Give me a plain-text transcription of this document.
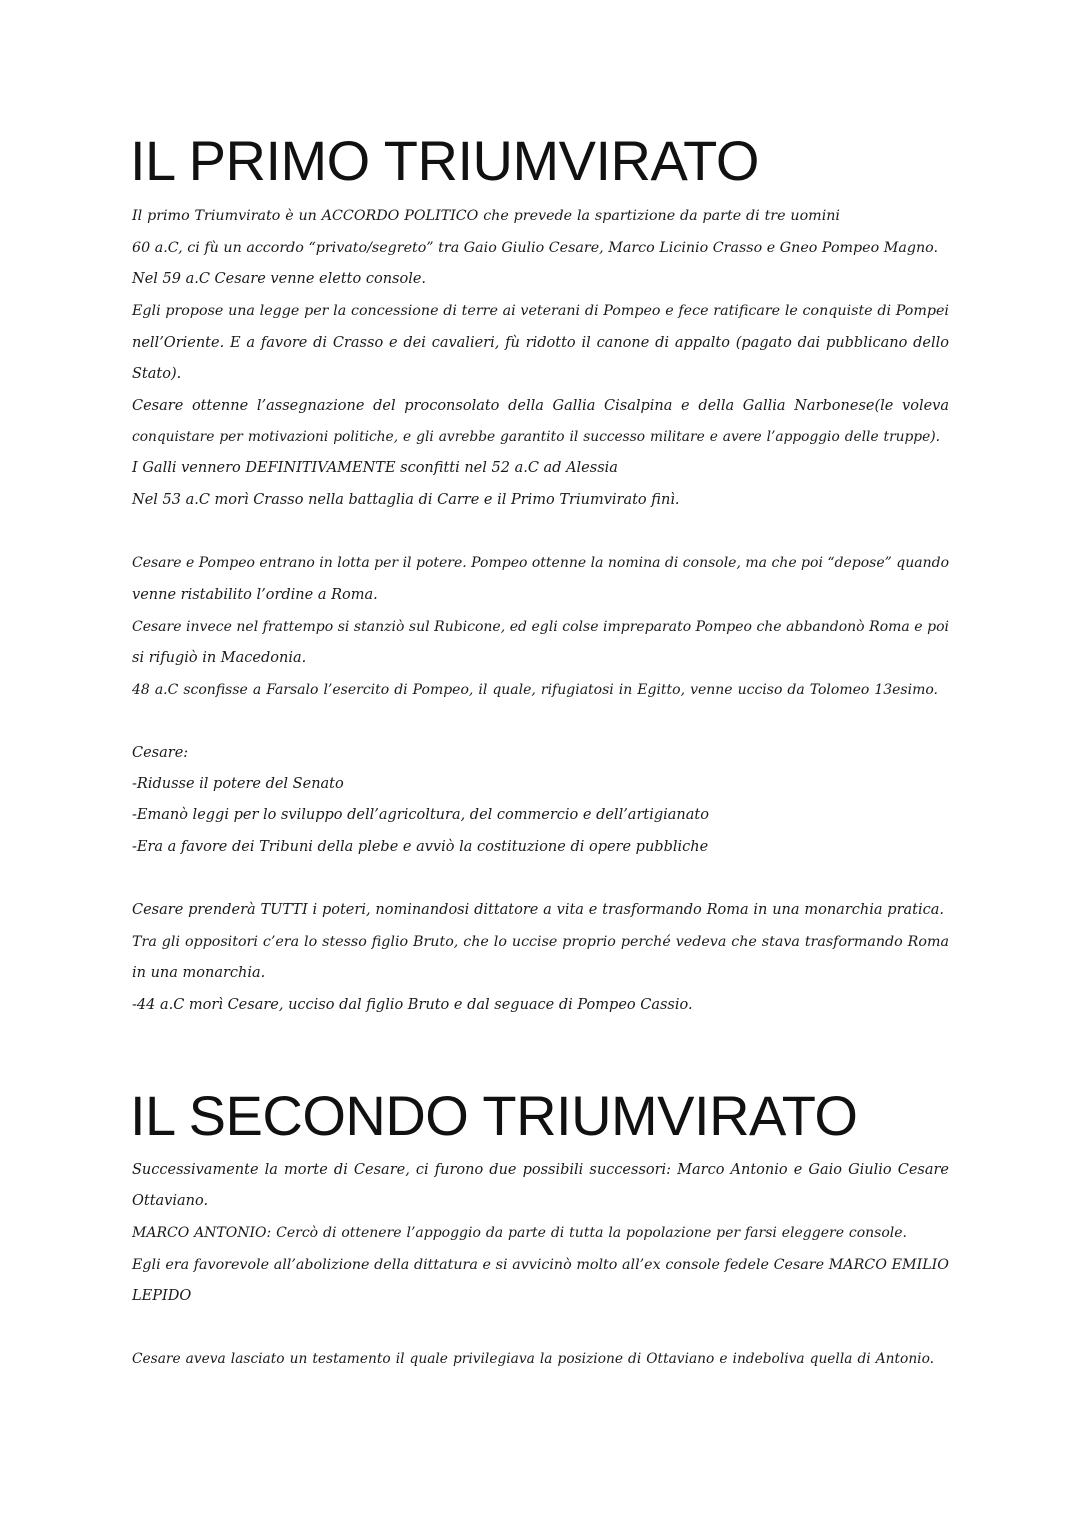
IL PRIMO TRIUMVIRATO

Il primo Triumvirato è un ACCORDO POLITICO che prevede la spartizione da parte di tre uomini

60 a.C, ci fù un accordo “privato/segreto” tra Gaio Giulio Cesare, Marco Licinio Crasso e Gneo Pompeo Magno.

Nel 59 a.C Cesare venne eletto console.

Egli propose una legge per la concessione di terre ai veterani di Pompeo e fece ratificare le conquiste di Pompei

nell’Oriente. E a favore di Crasso e dei cavalieri, fù ridotto il canone di appalto (pagato dai pubblicano dello

Stato).

Cesare ottenne l’assegnazione del proconsolato della Gallia Cisalpina e della Gallia Narbonese(le voleva

conquistare per motivazioni politiche, e gli avrebbe garantito il successo militare e avere l’appoggio delle truppe).

I Galli vennero DEFINITIVAMENTE sconfitti nel 52 a.C ad Alessia

Nel 53 a.C morì Crasso nella battaglia di Carre e il Primo Triumvirato finì.

Cesare e Pompeo entrano in lotta per il potere. Pompeo ottenne la nomina di console, ma che poi “depose” quando

venne ristabilito l’ordine a Roma.

Cesare invece nel frattempo si stanziò sul Rubicone, ed egli colse impreparato Pompeo che abbandonò Roma e poi

si rifugiò in Macedonia.

48 a.C sconfisse a Farsalo l’esercito di Pompeo, il quale, rifugiatosi in Egitto, venne ucciso da Tolomeo 13esimo.

Cesare:

-Ridusse il potere del Senato

-Emanò leggi per lo sviluppo dell’agricoltura, del commercio e dell’artigianato

-Era a favore dei Tribuni della plebe e avviò la costituzione di opere pubbliche

Cesare prenderà TUTTI i poteri, nominandosi dittatore a vita e trasformando Roma in una monarchia pratica.

Tra gli oppositori c’era lo stesso figlio Bruto, che lo uccise proprio perché vedeva che stava trasformando Roma

in una monarchia.

-44 a.C morì Cesare, ucciso dal figlio Bruto e dal seguace di Pompeo Cassio.

IL SECONDO TRIUMVIRATO

Successivamente la morte di Cesare, ci furono due possibili successori: Marco Antonio e Gaio Giulio Cesare

Ottaviano.

MARCO ANTONIO: Cercò di ottenere l’appoggio da parte di tutta la popolazione per farsi eleggere console.

Egli era favorevole all’abolizione della dittatura e si avvicinò molto all’ex console fedele Cesare MARCO EMILIO

LEPIDO

Cesare aveva lasciato un testamento il quale privilegiava la posizione di Ottaviano e indeboliva quella di Antonio.
